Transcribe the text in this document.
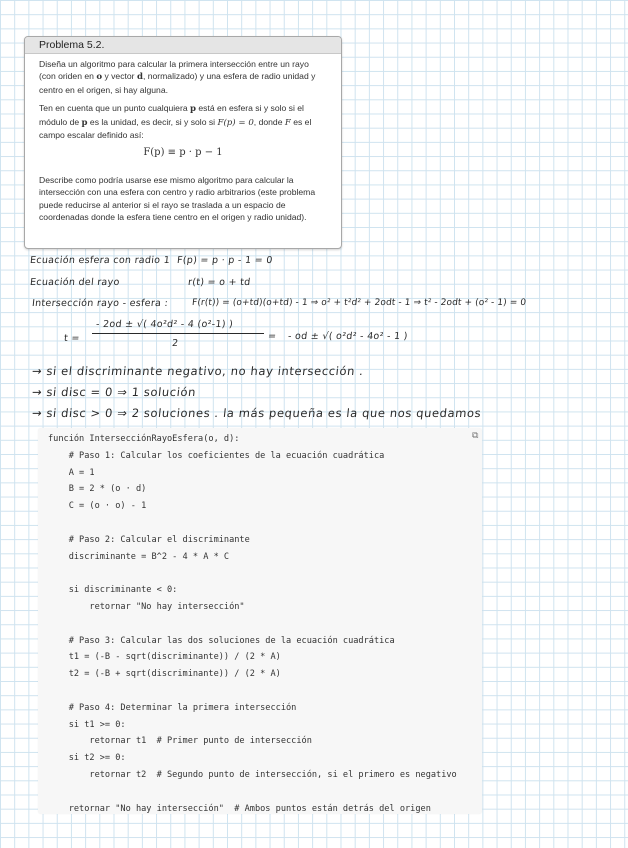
Problema 5.2.

Diseña un algoritmo para calcular la primera intersección entre un rayo (con oriden en o y vector d, normalizado) y una esfera de radio unidad y centro en el origen, si hay alguna.

Ten en cuenta que un punto cualquiera p está en esfera si y solo si el módulo de p es la unidad, es decir, si y solo si F(p) = 0, donde F es el campo escalar definido así:

F(p) ≡ p · p − 1

Describe como podría usarse ese mismo algoritmo para calcular la intersección con una esfera con centro y radio arbitrarios (este problema puede reducirse al anterior si el rayo se traslada a un espacio de coordenadas donde la esfera tiene centro en el origen y radio unidad).

Ecuación esfera con radio 1 F(p) = p · p - 1 = 0
Ecuación del rayo	r(t) = o + td
Intersección rayo - esfera :	F(r(t)) = (o+td)(o+td) - 1 ⇒ o² + t²d² + 2odt - 1 ⇒ t² - 2odt + (o² - 1) = 0
t =
- 2od ± √( 4o²d² - 4 (o²-1) )
2
= - od ± √( o²d² - 4o² - 1 )
→ si el discriminante negativo, no hay intersección .
→ si disc = 0 ⇒ 1 solución
→ si disc > 0 ⇒ 2 soluciones . la más pequeña es la que nos quedamos
⧉
función IntersecciónRayoEsfera(o, d):
# Paso 1: Calcular los coeficientes de la ecuación cuadrática
A = 1
B = 2 * (o · d)
C = (o · o) - 1
# Paso 2: Calcular el discriminante
discriminante = B^2 - 4 * A * C
si discriminante < 0:
retornar "No hay intersección"
# Paso 3: Calcular las dos soluciones de la ecuación cuadrática
t1 = (-B - sqrt(discriminante)) / (2 * A)
t2 = (-B + sqrt(discriminante)) / (2 * A)
# Paso 4: Determinar la primera intersección
si t1 >= 0:
retornar t1  # Primer punto de intersección
si t2 >= 0:
retornar t2  # Segundo punto de intersección, si el primero es negativo
retornar "No hay intersección"  # Ambos puntos están detrás del origen
